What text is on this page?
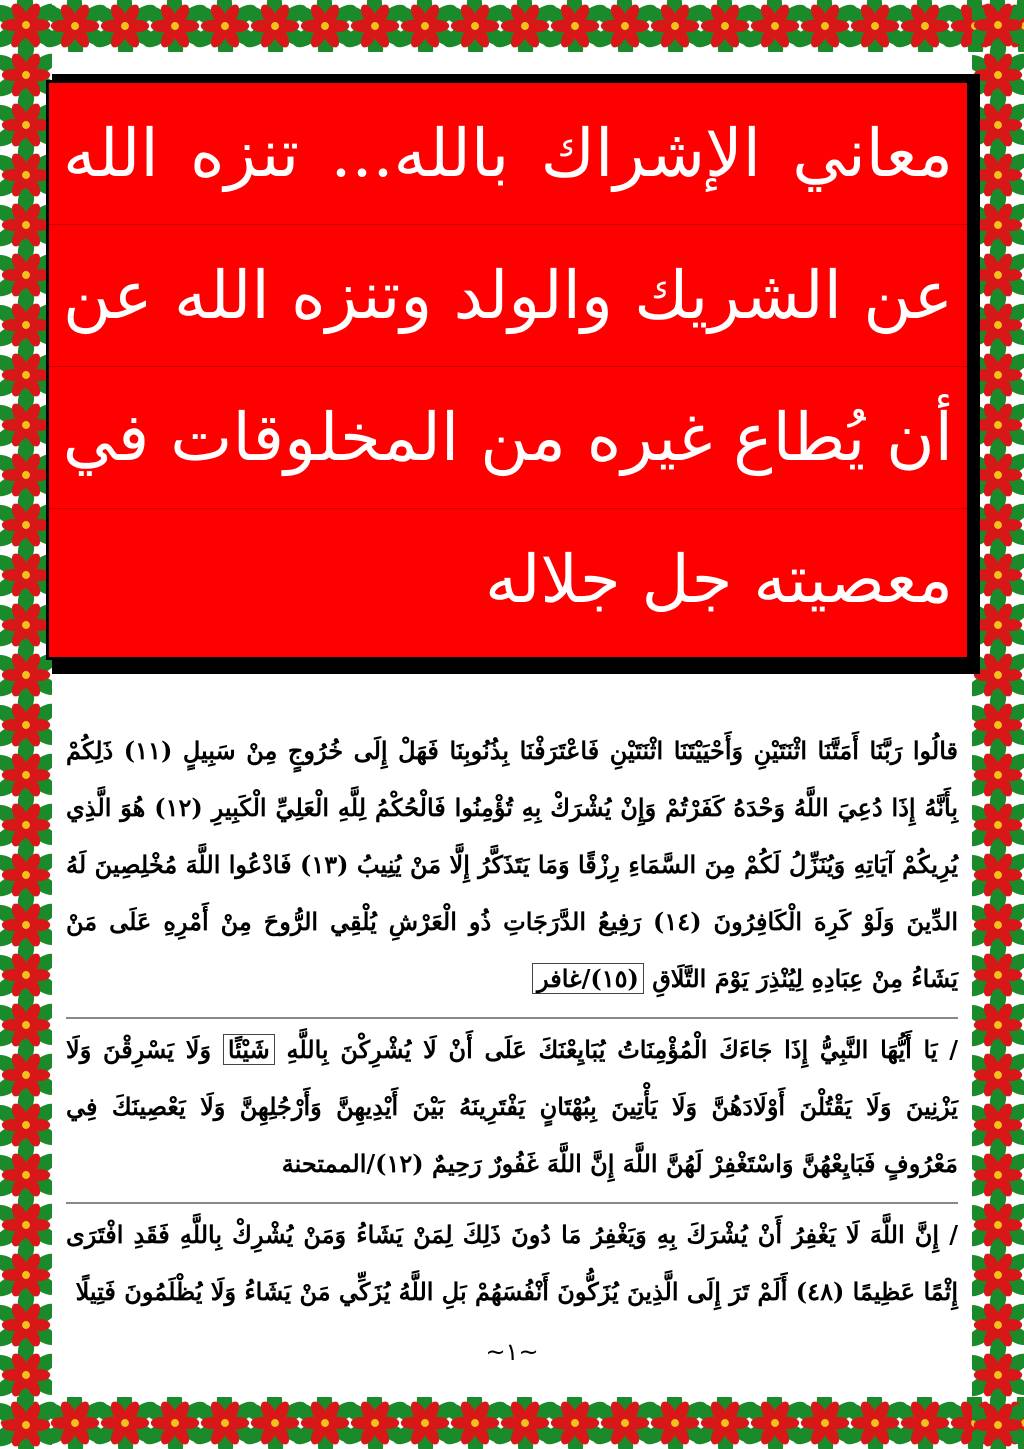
معاني الإشراك بالله... تنزه الله
عن الشريك والولد وتنزه الله عن
أن يُطاع غيره من المخلوقات في
معصيته جل جلاله
قالُوا رَبَّنَا أَمَتَّنَا اثْنَتَيْنِ وَأَحْيَيْتَنَا اثْنَتَيْنِ فَاعْتَرَفْنَا بِذُنُوبِنَا فَهَلْ إِلَى خُرُوجٍ مِنْ سَبِيلٍ (١١) ذَلِكُمْ بِأَنَّهُ إِذَا دُعِيَ اللَّهُ وَحْدَهُ كَفَرْتُمْ وَإِنْ يُشْرَكْ بِهِ تُؤْمِنُوا فَالْحُكْمُ لِلَّهِ الْعَلِيِّ الْكَبِيرِ (١٢) هُوَ الَّذِي يُرِيكُمْ آيَاتِهِ وَيُنَزِّلُ لَكُمْ مِنَ السَّمَاءِ رِزْقًا وَمَا يَتَذَكَّرُ إِلَّا مَنْ يُنِيبُ (١٣) فَادْعُوا اللَّهَ مُخْلِصِينَ لَهُ الدِّينَ وَلَوْ كَرِهَ الْكَافِرُونَ (١٤) رَفِيعُ الدَّرَجَاتِ ذُو الْعَرْشِ يُلْقِي الرُّوحَ مِنْ أَمْرِهِ عَلَى مَنْ يَشَاءُ مِنْ عِبَادِهِ لِيُنْذِرَ يَوْمَ التَّلَاقِ (١٥)/غافر
/ يَا أَيُّهَا النَّبِيُّ إِذَا جَاءَكَ الْمُؤْمِنَاتُ يُبَايِعْنَكَ عَلَى أَنْ لَا يُشْرِكْنَ بِاللَّهِ شَيْئًا وَلَا يَسْرِقْنَ وَلَا يَزْنِينَ وَلَا يَقْتُلْنَ أَوْلَادَهُنَّ وَلَا يَأْتِينَ بِبُهْتَانٍ يَفْتَرِينَهُ بَيْنَ أَيْدِيهِنَّ وَأَرْجُلِهِنَّ وَلَا يَعْصِينَكَ فِي مَعْرُوفٍ فَبَايِعْهُنَّ وَاسْتَغْفِرْ لَهُنَّ اللَّهَ إِنَّ اللَّهَ غَفُورٌ رَحِيمٌ (١٢)/الممتحنة
/ إِنَّ اللَّهَ لَا يَغْفِرُ أَنْ يُشْرَكَ بِهِ وَيَغْفِرُ مَا دُونَ ذَلِكَ لِمَنْ يَشَاءُ وَمَنْ يُشْرِكْ بِاللَّهِ فَقَدِ افْتَرَى إِثْمًا عَظِيمًا (٤٨) أَلَمْ تَرَ إِلَى الَّذِينَ يُزَكُّونَ أَنْفُسَهُمْ بَلِ اللَّهُ يُزَكِّي مَنْ يَشَاءُ وَلَا يُظْلَمُونَ فَتِيلًا
~١~
